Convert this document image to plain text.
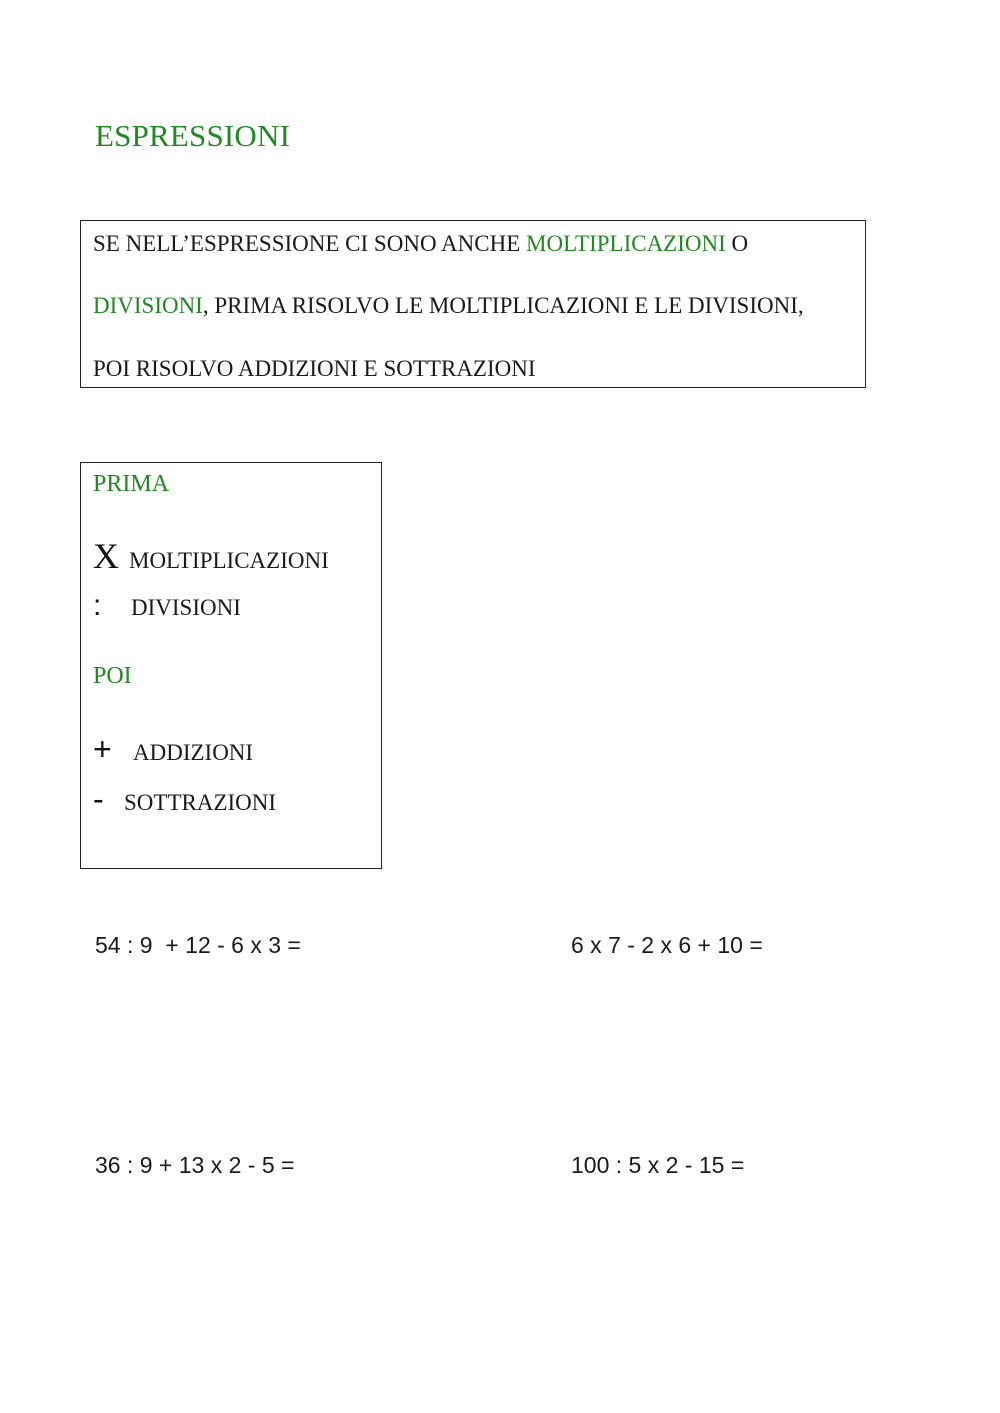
ESPRESSIONI
SE NELL’ESPRESSIONE CI SONO ANCHE MOLTIPLICAZIONI O
DIVISIONI, PRIMA RISOLVO LE MOLTIPLICAZIONI E LE DIVISIONI,
POI RISOLVO ADDIZIONI E SOTTRAZIONI
PRIMA
X MOLTIPLICAZIONI
:	DIVISIONI
POI
+ ADDIZIONI
- SOTTRAZIONI
54 : 9  + 12 - 6 x 3 =	6 x 7 - 2 x 6 + 10 =
36 : 9 + 13 x 2 - 5 =	100 : 5 x 2 - 15 =
